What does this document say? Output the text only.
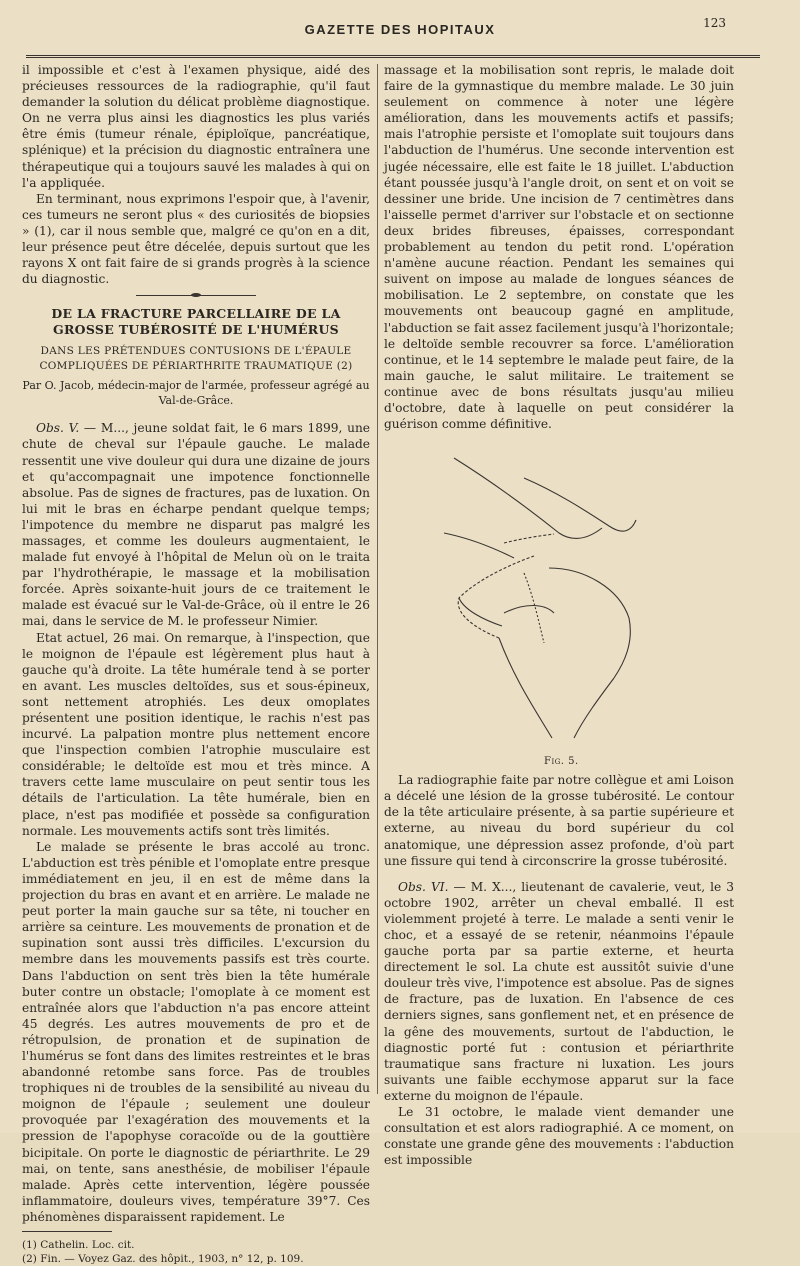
GAZETTE DES HOPITAUX	123

il impossible et c'est à l'examen physique, aidé des précieuses ressources de la radiographie, qu'il faut demander la solution du délicat problème diagnostique. On ne verra plus ainsi les diagnostics les plus variés être émis (tumeur rénale, épiploïque, pancréatique, splénique) et la précision du diagnostic entraînera une thérapeutique qui a toujours sauvé les malades à qui on l'a appliquée.

En terminant, nous exprimons l'espoir que, à l'avenir, ces tumeurs ne seront plus « des curiosités de biopsies » (1), car il nous semble que, malgré ce qu'on en a dit, leur présence peut être décelée, depuis surtout que les rayons X ont fait faire de si grands progrès à la science du diagnostic.

DE LA FRACTURE PARCELLAIRE DE LA GROSSE TUBÉROSITÉ DE L'HUMÉRUS
DANS LES PRÉTENDUES CONTUSIONS DE L'ÉPAULE COMPLIQUÉES DE PÉRIARTHRITE TRAUMATIQUE (2)
Par O. Jacob, médecin-major de l'armée, professeur agrégé au Val-de-Grâce.

Obs. V. — M..., jeune soldat fait, le 6 mars 1899, une chute de cheval sur l'épaule gauche. Le malade ressentit une vive douleur qui dura une dizaine de jours et qu'accompagnait une impotence fonctionnelle absolue. Pas de signes de fractures, pas de luxation. On lui mit le bras en écharpe pendant quelque temps; l'impotence du membre ne disparut pas malgré les massages, et comme les douleurs augmentaient, le malade fut envoyé à l'hôpital de Melun où on le traita par l'hydrothérapie, le massage et la mobilisation forcée. Après soixante-huit jours de ce traitement le malade est évacué sur le Val-de-Grâce, où il entre le 26 mai, dans le service de M. le professeur Nimier.

Etat actuel, 26 mai. On remarque, à l'inspection, que le moignon de l'épaule est légèrement plus haut à gauche qu'à droite. La tête humérale tend à se porter en avant. Les muscles deltoïdes, sus et sous-épineux, sont nettement atrophiés. Les deux omoplates présentent une position identique, le rachis n'est pas incurvé. La palpation montre plus nettement encore que l'inspection combien l'atrophie musculaire est considérable; le deltoïde est mou et très mince. A travers cette lame musculaire on peut sentir tous les détails de l'articulation. La tête humérale, bien en place, n'est pas modifiée et possède sa configuration normale. Les mouvements actifs sont très limités.

Le malade se présente le bras accolé au tronc. L'abduction est très pénible et l'omoplate entre presque immédiatement en jeu, il en est de même dans la projection du bras en avant et en arrière. Le malade ne peut porter la main gauche sur sa tête, ni toucher en arrière sa ceinture. Les mouvements de pronation et de supination sont aussi très difficiles. L'excursion du membre dans les mouvements passifs est très courte. Dans l'abduction on sent très bien la tête humérale buter contre un obstacle; l'omoplate à ce moment est entraînée alors que l'abduction n'a pas encore atteint 45 degrés. Les autres mouvements de pro et de rétropulsion, de pronation et de supination de l'humérus se font dans des limites restreintes et le bras abandonné retombe sans force. Pas de troubles trophiques ni de troubles de la sensibilité au niveau du moignon de l'épaule ; seulement une douleur provoquée par l'exagération des mouvements et la pression de l'apophyse coracoïde ou de la gouttière bicipitale. On porte le diagnostic de périarthrite. Le 29 mai, on tente, sans anesthésie, de mobiliser l'épaule malade. Après cette intervention, légère poussée inflammatoire, douleurs vives, température 39°7. Ces phénomènes disparaissent rapidement. Le

(1) Cathelin. Loc. cit.

(2) Fin. — Voyez Gaz. des hôpit., 1903, n° 12, p. 109.

massage et la mobilisation sont repris, le malade doit faire de la gymnastique du membre malade. Le 30 juin seulement on commence à noter une légère amélioration, dans les mouvements actifs et passifs; mais l'atrophie persiste et l'omoplate suit toujours dans l'abduction de l'humérus. Une seconde intervention est jugée nécessaire, elle est faite le 18 juillet. L'abduction étant poussée jusqu'à l'angle droit, on sent et on voit se dessiner une bride. Une incision de 7 centimètres dans l'aisselle permet d'arriver sur l'obstacle et on sectionne deux brides fibreuses, épaisses, correspondant probablement au tendon du petit rond. L'opération n'amène aucune réaction. Pendant les semaines qui suivent on impose au malade de longues séances de mobilisation. Le 2 septembre, on constate que les mouvements ont beaucoup gagné en amplitude, l'abduction se fait assez facilement jusqu'à l'horizontale; le deltoïde semble recouvrer sa force. L'amélioration continue, et le 14 septembre le malade peut faire, de la main gauche, le salut militaire. Le traitement se continue avec de bons résultats jusqu'au milieu d'octobre, date à laquelle on peut considérer la guérison comme définitive.

Fig. 5.

La radiographie faite par notre collègue et ami Loison a décelé une lésion de la grosse tubérosité. Le contour de la tête articulaire présente, à sa partie supérieure et externe, au niveau du bord supérieur du col anatomique, une dépression assez profonde, d'où part une fissure qui tend à circonscrire la grosse tubérosité.

Obs. VI. — M. X..., lieutenant de cavalerie, veut, le 3 octobre 1902, arrêter un cheval emballé. Il est violemment projeté à terre. Le malade a senti venir le choc, et a essayé de se retenir, néanmoins l'épaule gauche porta par sa partie externe, et heurta directement le sol. La chute est aussitôt suivie d'une douleur très vive, l'impotence est absolue. Pas de signes de fracture, pas de luxation. En l'absence de ces derniers signes, sans gonflement net, et en présence de la gêne des mouvements, surtout de l'abduction, le diagnostic porté fut : contusion et périarthrite traumatique sans fracture ni luxation. Les jours suivants une faible ecchymose apparut sur la face externe du moignon de l'épaule.

Le 31 octobre, le malade vient demander une consultation et est alors radiographié. A ce moment, on constate une grande gêne des mouvements : l'abduction est impossible
